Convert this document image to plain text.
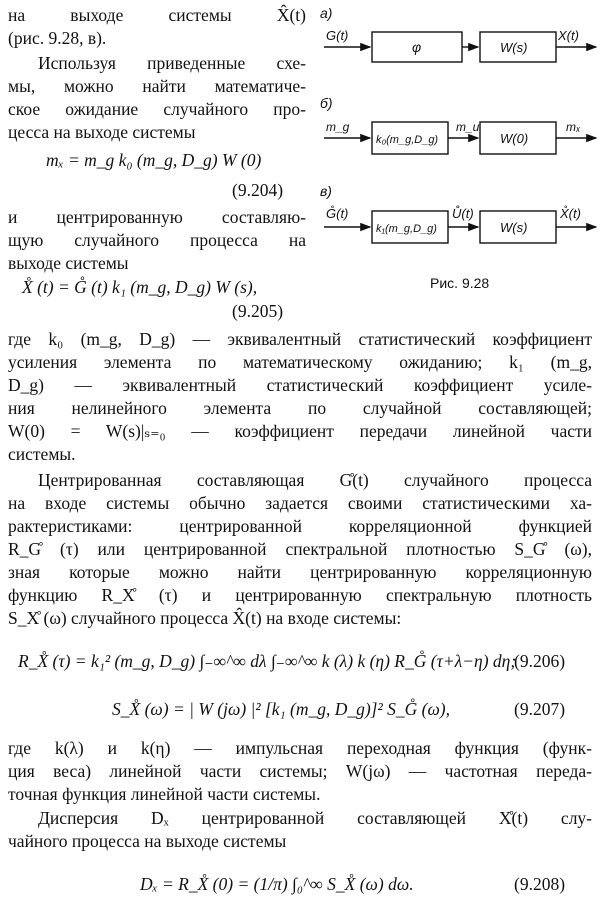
на выходе системы X̂(t)
(рис. 9.28, в).
Используя приведенные схе-
мы, можно найти математиче-
ское ожидание случайного про-
цесса на выходе системы
mₓ = m_g k₀ (m_g, D_g) W (0)
(9.204)
и центрированную составляю-
щую случайного процесса на
выходе системы
X̊ (t) = G̊ (t) k₁ (m_g, D_g) W (s),
(9.205)
а)
G(t)
φ	W(s)
X(t)
б)
m_g
k₀(m_g,D_g)
m_u
W(0)
mₓ
в)
G̊(t)
k₁(m_g,D_g)
Ů(t)
W(s)
X̊(t)
Рис. 9.28
где k₀ (m_g, D_g) — эквивалентный статистический коэффициент
усиления элемента по математическому ожиданию; k₁ (m_g,
D_g) — эквивалентный статистический коэффициент усиле-
ния нелинейного элемента по случайной составляющей;
W(0) = W(s)|ₛ₌₀ — коэффициент передачи линейной части
системы.
Центрированная составляющая G̊(t) случайного процесса
на входе системы обычно задается своими статистическими ха-
рактеристиками: центрированной корреляционной функцией
R_G̊ (τ) или центрированной спектральной плотностью S_G̊ (ω),
зная которые можно найти центрированную корреляционную
функцию R_X̊ (τ) и центрированную спектральную плотность
S_X̊ (ω) случайного процесса X̂(t) на входе системы:
R_X̊ (τ) = k₁² (m_g, D_g) ∫₋∞^∞ dλ ∫₋∞^∞ k (λ) k (η) R_G̊ (τ+λ−η) dη;
(9.206)
S_X̊ (ω) = | W (jω) |² [k₁ (m_g, D_g)]² S_G̊ (ω),	(9.207)
где k(λ) и k(η) — импульсная переходная функция (функ-
ция веса) линейной части системы; W(jω) — частотная переда-
точная функция линейной части системы.
Дисперсия Dₓ центрированной составляющей X̊(t) слу-
чайного процесса на выходе системы
Dₓ = R_X̊ (0) = (1/π) ∫₀^∞ S_X̊ (ω) dω.	(9.208)
